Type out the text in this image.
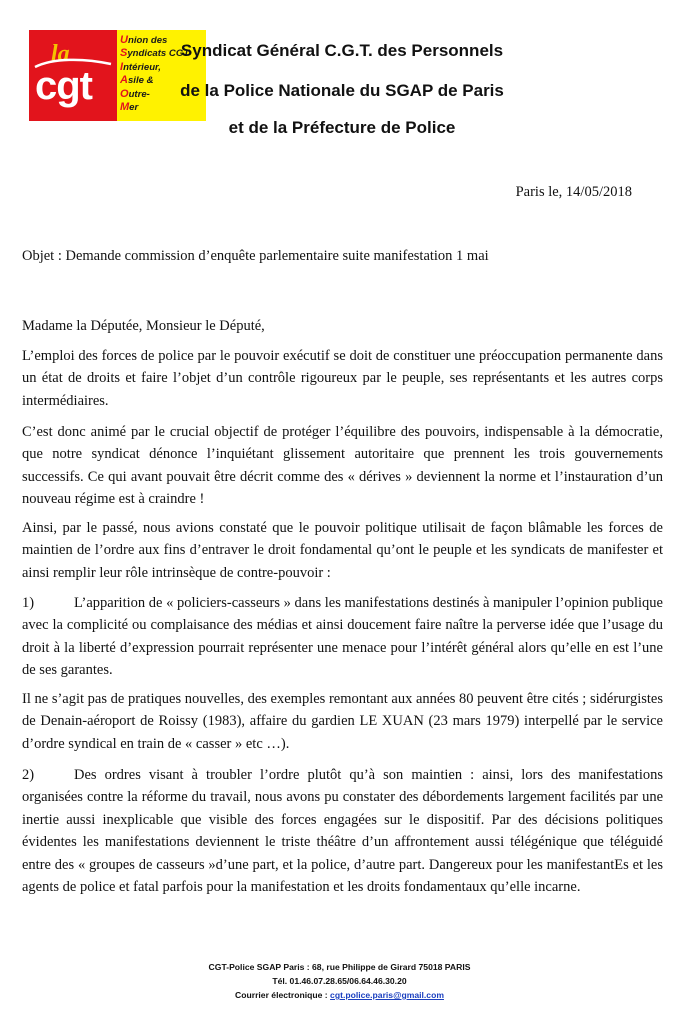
la
cgt
Union des
Syndicats CGT
Intérieur,
Asile &
Outre-
Mer
Syndicat Général C.G.T. des Personnels
de la Police Nationale du SGAP de Paris
et de la Préfecture de Police
Paris le, 14/05/2018
Objet : Demande commission d’enquête parlementaire suite manifestation 1 mai
Madame la Députée, Monsieur le Député,

L’emploi des forces de police par le pouvoir exécutif se doit de constituer une préoccupation permanente dans un état de droits et faire l’objet d’un contrôle rigoureux par le peuple, ses représentants et les autres corps intermédiaires.

C’est donc animé par le crucial objectif de protéger l’équilibre des pouvoirs, indispensable à la démocratie, que notre syndicat dénonce l’inquiétant glissement autoritaire que prennent les trois gouvernements successifs. Ce qui avant pouvait être décrit comme des « dérives » deviennent la norme et l’instauration d’un nouveau régime est à craindre !

Ainsi, par le passé, nous avions constaté que le pouvoir politique utilisait de façon blâmable les forces de maintien de l’ordre aux fins d’entraver le droit fondamental qu’ont le peuple et les syndicats de manifester et ainsi remplir leur rôle intrinsèque de contre-pouvoir :

1)	L’apparition de « policiers-casseurs » dans les manifestations destinés à manipuler l’opinion publique avec la complicité ou complaisance des médias et ainsi doucement faire naître la perverse idée que l’usage du droit à la liberté d’expression pourrait représenter une menace pour l’intérêt général alors qu’elle en est l’une de ses garantes.

Il ne s’agit pas de pratiques nouvelles, des exemples remontant aux années 80 peuvent être cités ; sidérurgistes de Denain-aéroport de Roissy (1983), affaire du gardien LE XUAN (23 mars 1979) interpellé par le service d’ordre syndical en train de « casser » etc …).

2)	Des ordres visant à troubler l’ordre plutôt qu’à son maintien : ainsi, lors des manifestations organisées contre la réforme du travail, nous avons pu constater des débordements largement facilités par une inertie aussi inexplicable que visible des forces engagées sur le dispositif. Par des décisions politiques évidentes les manifestations deviennent le triste théâtre d’un affrontement aussi télégénique que téléguidé entre des « groupes de casseurs »d’une part, et la police, d’autre part. Dangereux pour les manifestantEs et les agents de police et fatal parfois pour la manifestation et les droits fondamentaux qu’elle incarne.

CGT-Police SGAP Paris : 68, rue Philippe de Girard 75018 PARIS
Tél. 01.46.07.28.65/06.64.46.30.20
Courrier électronique : cgt.police.paris@gmail.com
